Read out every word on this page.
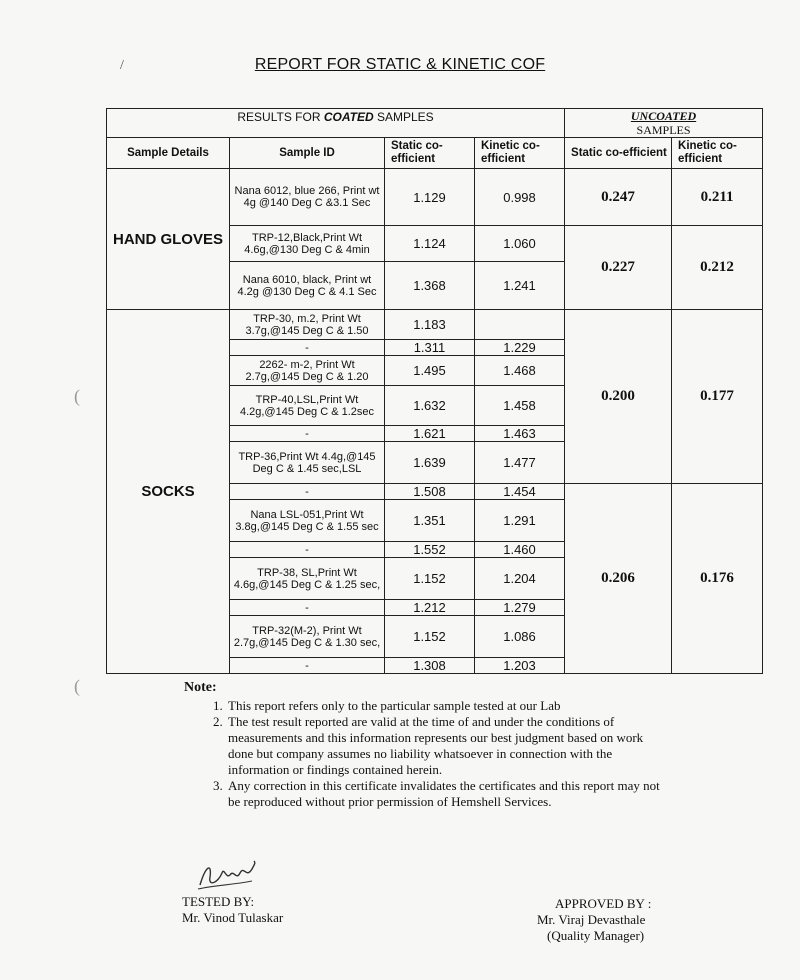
REPORT FOR STATIC & KINETIC COF
/
(
(
RESULTS FOR COATED SAMPLES				UNCOATED
SAMPLES	
Sample Details	Sample ID	Static co-efficient	Kinetic co-efficient	Static co-efficient	Kinetic co-efficient
HAND GLOVES	Nana 6012, blue 266, Print wt 4g @140 Deg C &3.1 Sec	1.129	0.998	0.247	0.211
	TRP-12,Black,Print Wt 4.6g,@130 Deg C & 4min	1.124	1.060	0.227	0.212
	Nana 6010, black, Print wt 4.2g @130 Deg C & 4.1 Sec	1.368	1.241		
SOCKS	TRP-30, m.2, Print Wt 3.7g,@145 Deg C & 1.50	1.183		0.200	0.177
	-	1.311	1.229		
	2262- m-2, Print Wt 2.7g,@145 Deg C & 1.20	1.495	1.468		
	TRP-40,LSL,Print Wt 4.2g,@145 Deg C & 1.2sec	1.632	1.458		
	-	1.621	1.463		
	TRP-36,Print Wt 4.4g,@145 Deg C & 1.45 sec,LSL	1.639	1.477		
	-	1.508	1.454	0.206	0.176
	Nana LSL-051,Print Wt 3.8g,@145 Deg C & 1.55 sec	1.351	1.291		
	-	1.552	1.460		
	TRP-38, SL,Print Wt 4.6g,@145 Deg C & 1.25 sec,	1.152	1.204		
	-	1.212	1.279		
	TRP-32(M-2), Print Wt 2.7g,@145 Deg C & 1.30 sec,	1.152	1.086		
	-	1.308	1.203		
Note:
1. This report refers only to the particular sample tested at our Lab
2. The test result reported are valid at the time of and under the conditions of measurements and this information represents our best judgment based on work done but company assumes no liability whatsoever in connection with the information or findings contained herein.
3. Any correction in this certificate invalidates the certificates and this report may not be reproduced without prior permission of Hemshell Services.
TESTED BY:
Mr. Vinod Tulaskar
APPROVED BY :
Mr. Viraj Devasthale
(Quality Manager)
